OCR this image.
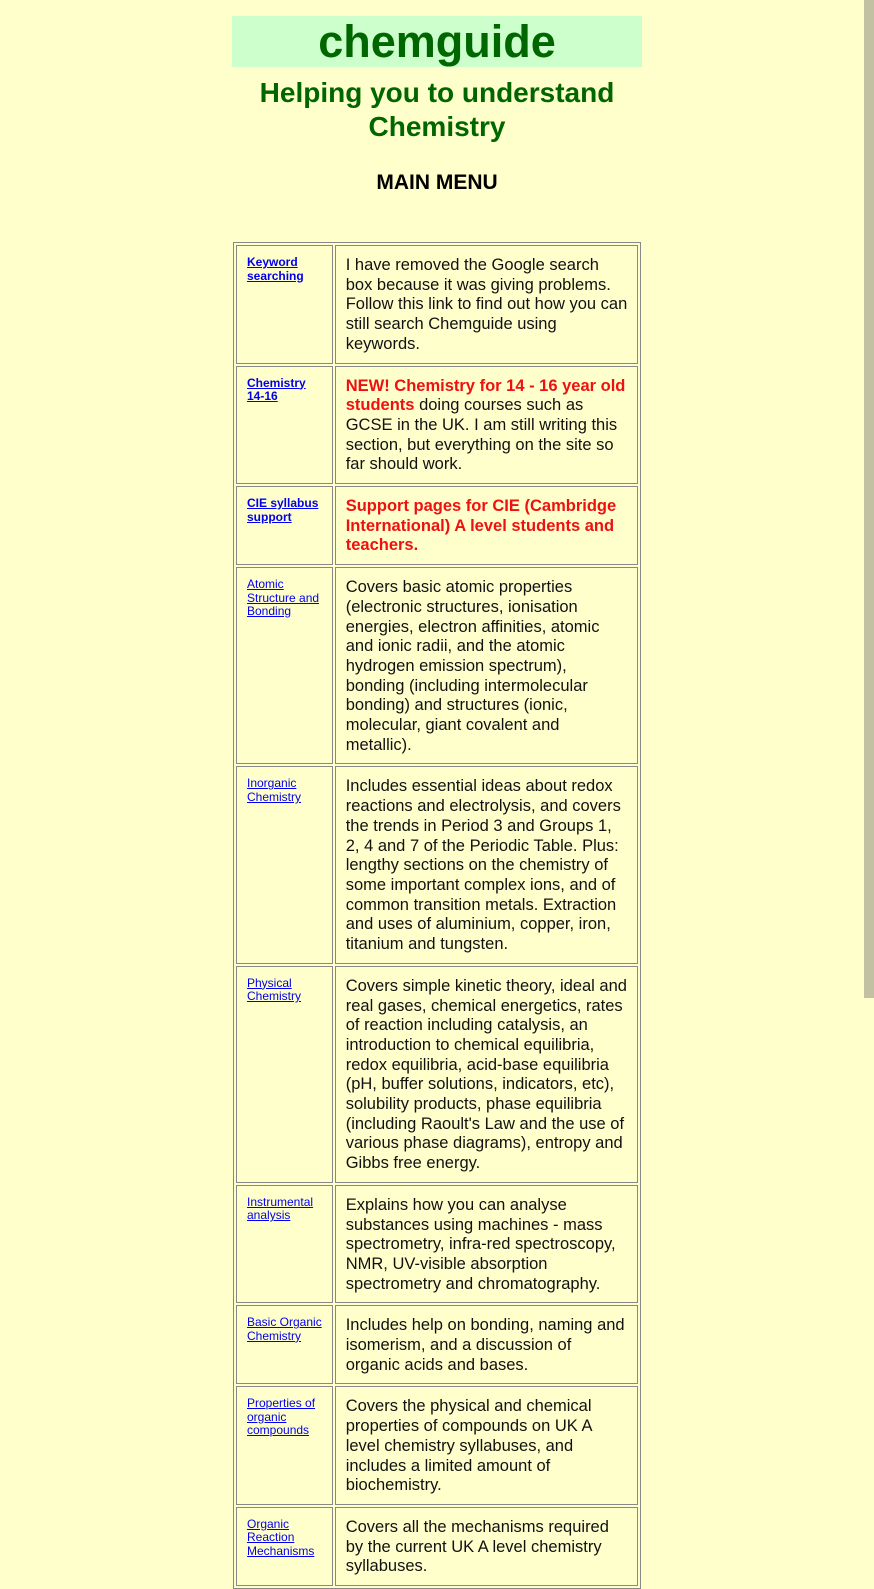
chemguide
Helping you to understand Chemistry
MAIN MENU
Keyword searching	I have removed the Google search box because it was giving problems. Follow this link to find out how you can still search Chemguide using keywords.

Chemistry 14-16	NEW! Chemistry for 14 - 16 year old students doing courses such as GCSE in the UK. I am still writing this section, but everything on the site so far should work.

CIE syllabus support	Support pages for CIE (Cambridge International) A level students and teachers.

Atomic Structure and Bonding	Covers basic atomic properties (electronic structures, ionisation energies, electron affinities, atomic and ionic radii, and the atomic hydrogen emission spectrum), bonding (including intermolecular bonding) and structures (ionic, molecular, giant covalent and metallic).

Inorganic Chemistry	Includes essential ideas about redox reactions and electrolysis, and covers the trends in Period 3 and Groups 1, 2, 4 and 7 of the Periodic Table. Plus: lengthy sections on the chemistry of some important complex ions, and of common transition metals. Extraction and uses of aluminium, copper, iron, titanium and tungsten.

Physical Chemistry	Covers simple kinetic theory, ideal and real gases, chemical energetics, rates of reaction including catalysis, an introduction to chemical equilibria, redox equilibria, acid-base equilibria (pH, buffer solutions, indicators, etc), solubility products, phase equilibria (including Raoult's Law and the use of various phase diagrams), entropy and Gibbs free energy.

Instrumental analysis	Explains how you can analyse substances using machines - mass spectrometry, infra-red spectroscopy, NMR, UV-visible absorption spectrometry and chromatography.

Basic Organic Chemistry	Includes help on bonding, naming and isomerism, and a discussion of organic acids and bases.

Properties of organic compounds	Covers the physical and chemical properties of compounds on UK A level chemistry syllabuses, and includes a limited amount of biochemistry.

Organic Reaction Mechanisms	Covers all the mechanisms required by the current UK A level chemistry syllabuses.
